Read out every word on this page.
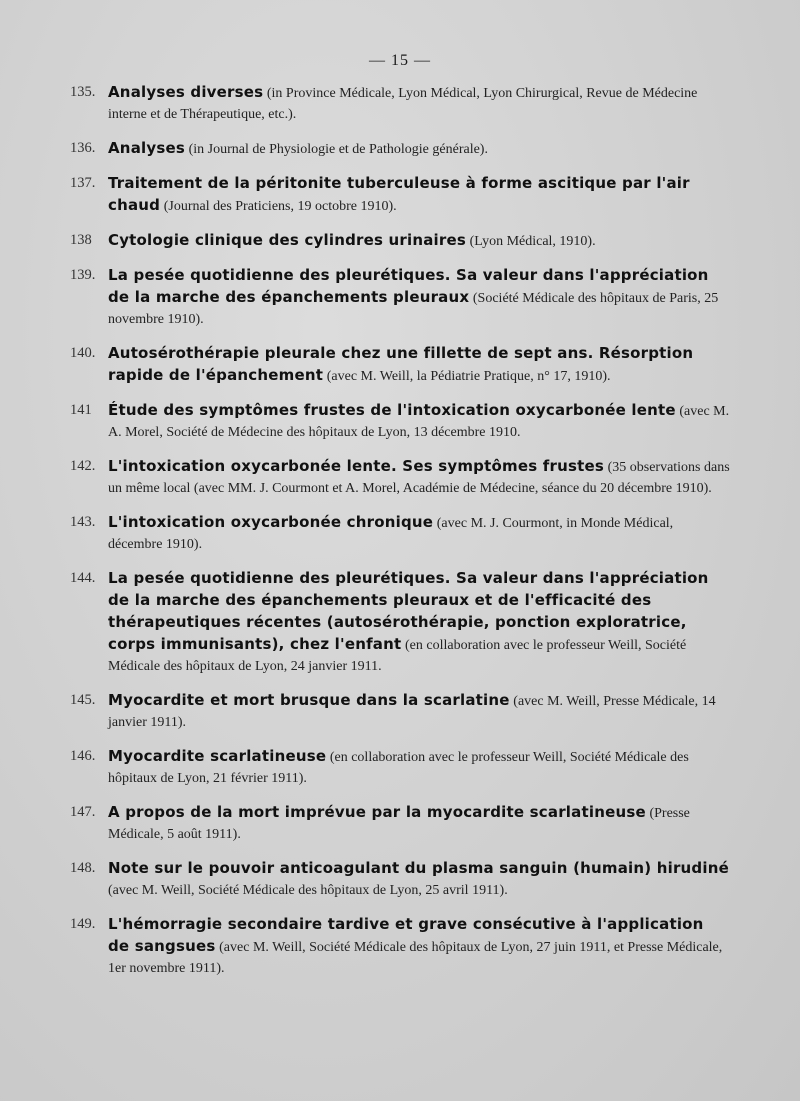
— 15 —
135. Analyses diverses (in Province Médicale, Lyon Médical, Lyon Chirurgical, Revue de Médecine interne et de Thérapeutique, etc.).
136. Analyses (in Journal de Physiologie et de Pathologie générale).
137. Traitement de la péritonite tuberculeuse à forme ascitique par l'air chaud (Journal des Praticiens, 19 octobre 1910).
138 Cytologie clinique des cylindres urinaires (Lyon Médical, 1910).
139. La pesée quotidienne des pleurétiques. Sa valeur dans l'appréciation de la marche des épanchements pleuraux (Société Médicale des hôpitaux de Paris, 25 novembre 1910).
140. Autosérothérapie pleurale chez une fillette de sept ans. Résorption rapide de l'épanchement (avec M. Weill, la Pédiatrie Pratique, n° 17, 1910).
141 Étude des symptômes frustes de l'intoxication oxycarbonée lente (avec M. A. Morel, Société de Médecine des hôpitaux de Lyon, 13 décembre 1910.
142. L'intoxication oxycarbonée lente. Ses symptômes frustes (35 observations dans un même local (avec MM. J. Courmont et A. Morel, Académie de Médecine, séance du 20 décembre 1910).
143. L'intoxication oxycarbonée chronique (avec M. J. Courmont, in Monde Médical, décembre 1910).
144. La pesée quotidienne des pleurétiques. Sa valeur dans l'appréciation de la marche des épanchements pleuraux et de l'efficacité des thérapeutiques récentes (autosérothérapie, ponction exploratrice, corps immunisants), chez l'enfant (en collaboration avec le professeur Weill, Société Médicale des hôpitaux de Lyon, 24 janvier 1911.
145. Myocardite et mort brusque dans la scarlatine (avec M. Weill, Presse Médicale, 14 janvier 1911).
146. Myocardite scarlatineuse (en collaboration avec le professeur Weill, Société Médicale des hôpitaux de Lyon, 21 février 1911).
147. A propos de la mort imprévue par la myocardite scarlatineuse (Presse Médicale, 5 août 1911).
148. Note sur le pouvoir anticoagulant du plasma sanguin (humain) hirudiné (avec M. Weill, Société Médicale des hôpitaux de Lyon, 25 avril 1911).
149. L'hémorragie secondaire tardive et grave consécutive à l'application de sangsues (avec M. Weill, Société Médicale des hôpitaux de Lyon, 27 juin 1911, et Presse Médicale, 1er novembre 1911).
